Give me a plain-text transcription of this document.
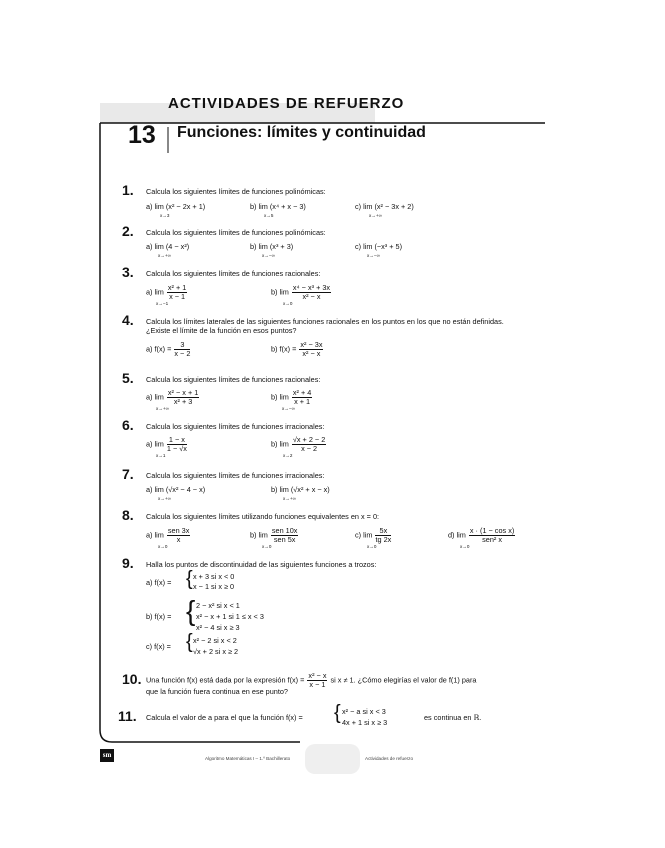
ACTIVIDADES DE REFUERZO
13 Funciones: límites y continuidad
1. Calcula los siguientes límites de funciones polinómicas:
a) lim (x² − 2x + 1)
x→3
b) lim (x⁴ + x − 3)
x→5
c) lim (x² − 3x + 2)
x→+∞
2. Calcula los siguientes límites de funciones polinómicas:
a) lim (4 − x²)
x→+∞
b) lim (x³ + 3)
x→−∞
c) lim (−x³ + 5)
x→−∞
3. Calcula los siguientes límites de funciones racionales:
a) $\lim \frac{\text{x² + 1}}{x - 1}$
x→−1
b) $\lim \frac{\text{x⁴ − x³ + 3x}}{\text{x² − x}}$
x→0
4. Calcula los límites laterales de las siguientes funciones racionales en los puntos en los que no están definidas.
¿Existe el límite de la función en esos puntos?
a) $f(x) = \frac{3}{x - 2}$	b) $f(x) = \frac{\text{x² − 3x}}{\text{x² − x}}$
5. Calcula los siguientes límites de funciones racionales:
a) $\lim \frac{\text{x² − x + 1}}{\text{x² + 3}}$
x→+∞
b) $\lim \frac{\text{x² + 4}}{x + 1}$
x→−∞
6. Calcula los siguientes límites de funciones irracionales:
a) $\lim \frac{1 - x}{1 - √x}$
x→1
b) $\lim \frac{√x + 2 - 2}{x - 2}$
x→2
7. Calcula los siguientes límites de funciones irracionales:
a) lim (√x² − 4 − x)
x→+∞
b) lim (√x² + x − x)
x→+∞
8. Calcula los siguientes límites utilizando funciones equivalentes en x = 0:
a) $\lim \frac{\text{sen 3x}}{x}$
x→0
b) $\lim \frac{\text{sen 10x}}{\text{sen 5x}}$
x→0
c) $\lim \frac{5x}{tg 2x}$
x→0
d) $\lim \frac{\text{x · (1 − cos x)}}{\text{sen² x}}$
x→0
9. Halla los puntos de discontinuidad de las siguientes funciones a trozos:
a) f(x) = { x + 3 si x < 0
x − 1 si x ≥ 0
b) f(x) = { 2 − x² si x < 1
x² − x + 1 si 1 ≤ x < 3
x² − 4 si x ≥ 3
c) f(x) = { x² − 2 si x < 2
√x + 2 si x ≥ 2
10. Una función f(x) está dada por la expresión $f(x) = \frac{\text{x² − x}}{x - 1}$ si x ≠ 1. ¿Cómo elegirías el valor de f(1) para
que la función fuera continua en ese punto?
11. Calcula el valor de a para el que la función f(x) = { x² − a si x < 3
4x + 1 si x ≥ 3
es continua en ℝ.
sm	Algoritmo Matemáticas I – 1.º Bachillerato	Actividades de refuerzo
